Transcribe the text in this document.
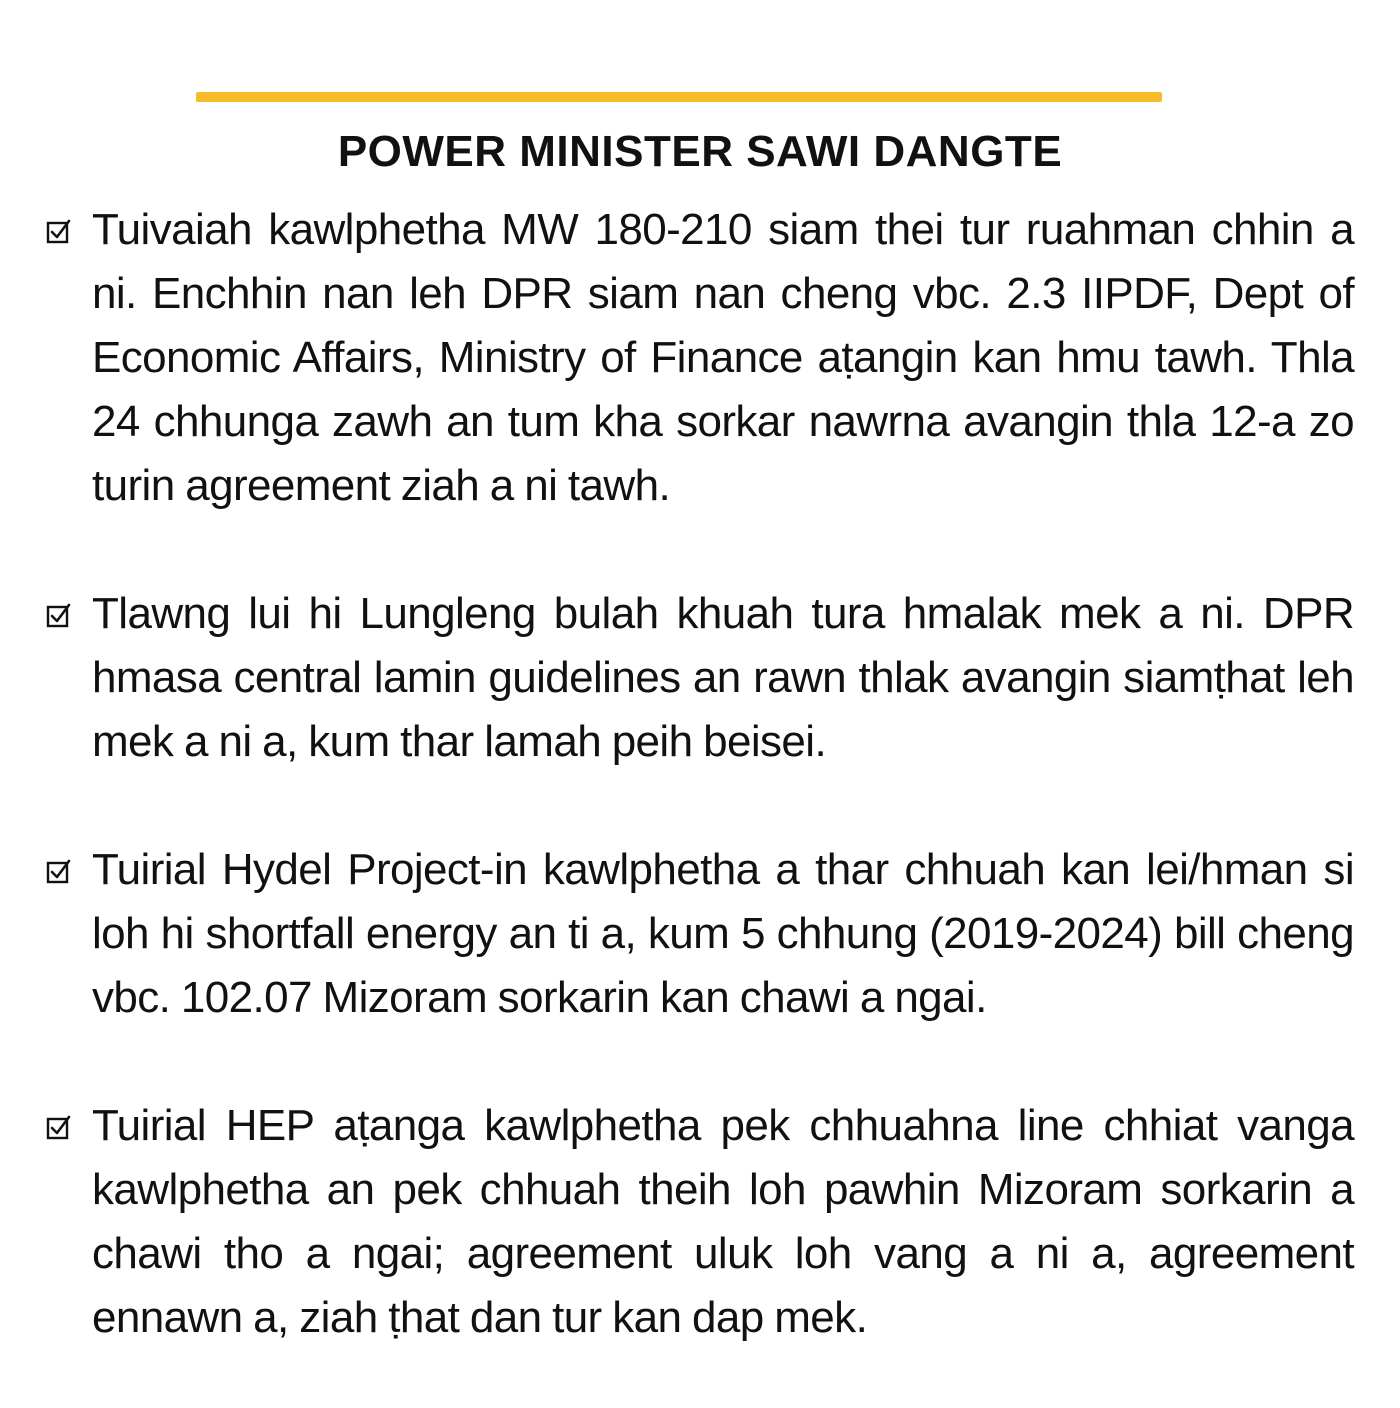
POWER MINISTER SAWI DANGTE
Tuivaiah kawlphetha MW 180-210 siam thei tur ruahman chhin a ni. Enchhin nan leh DPR siam nan cheng vbc. 2.3 IIPDF, Dept of Economic Affairs, Ministry of Finance aṭangin kan hmu tawh. Thla 24 chhunga zawh an tum kha sorkar nawrna avangin thla 12-a zo turin agreement ziah a ni tawh.
Tlawng lui hi Lungleng bulah khuah tura hmalak mek a ni. DPR hmasa central lamin guidelines an rawn thlak avangin siamṭhat leh mek a ni a, kum thar lamah peih beisei.
Tuirial Hydel Project-in kawlphetha a thar chhuah kan lei/hman si loh hi shortfall energy an ti a, kum 5 chhung (2019-2024) bill cheng vbc. 102.07 Mizoram sorkarin kan chawi a ngai.
Tuirial HEP aṭanga kawlphetha pek chhuahna line chhiat vanga kawlphetha an pek chhuah theih loh pawhin Mizoram sorkarin a chawi tho a ngai; agreement uluk loh vang a ni a, agreement ennawn a, ziah ṭhat dan tur kan dap mek.
